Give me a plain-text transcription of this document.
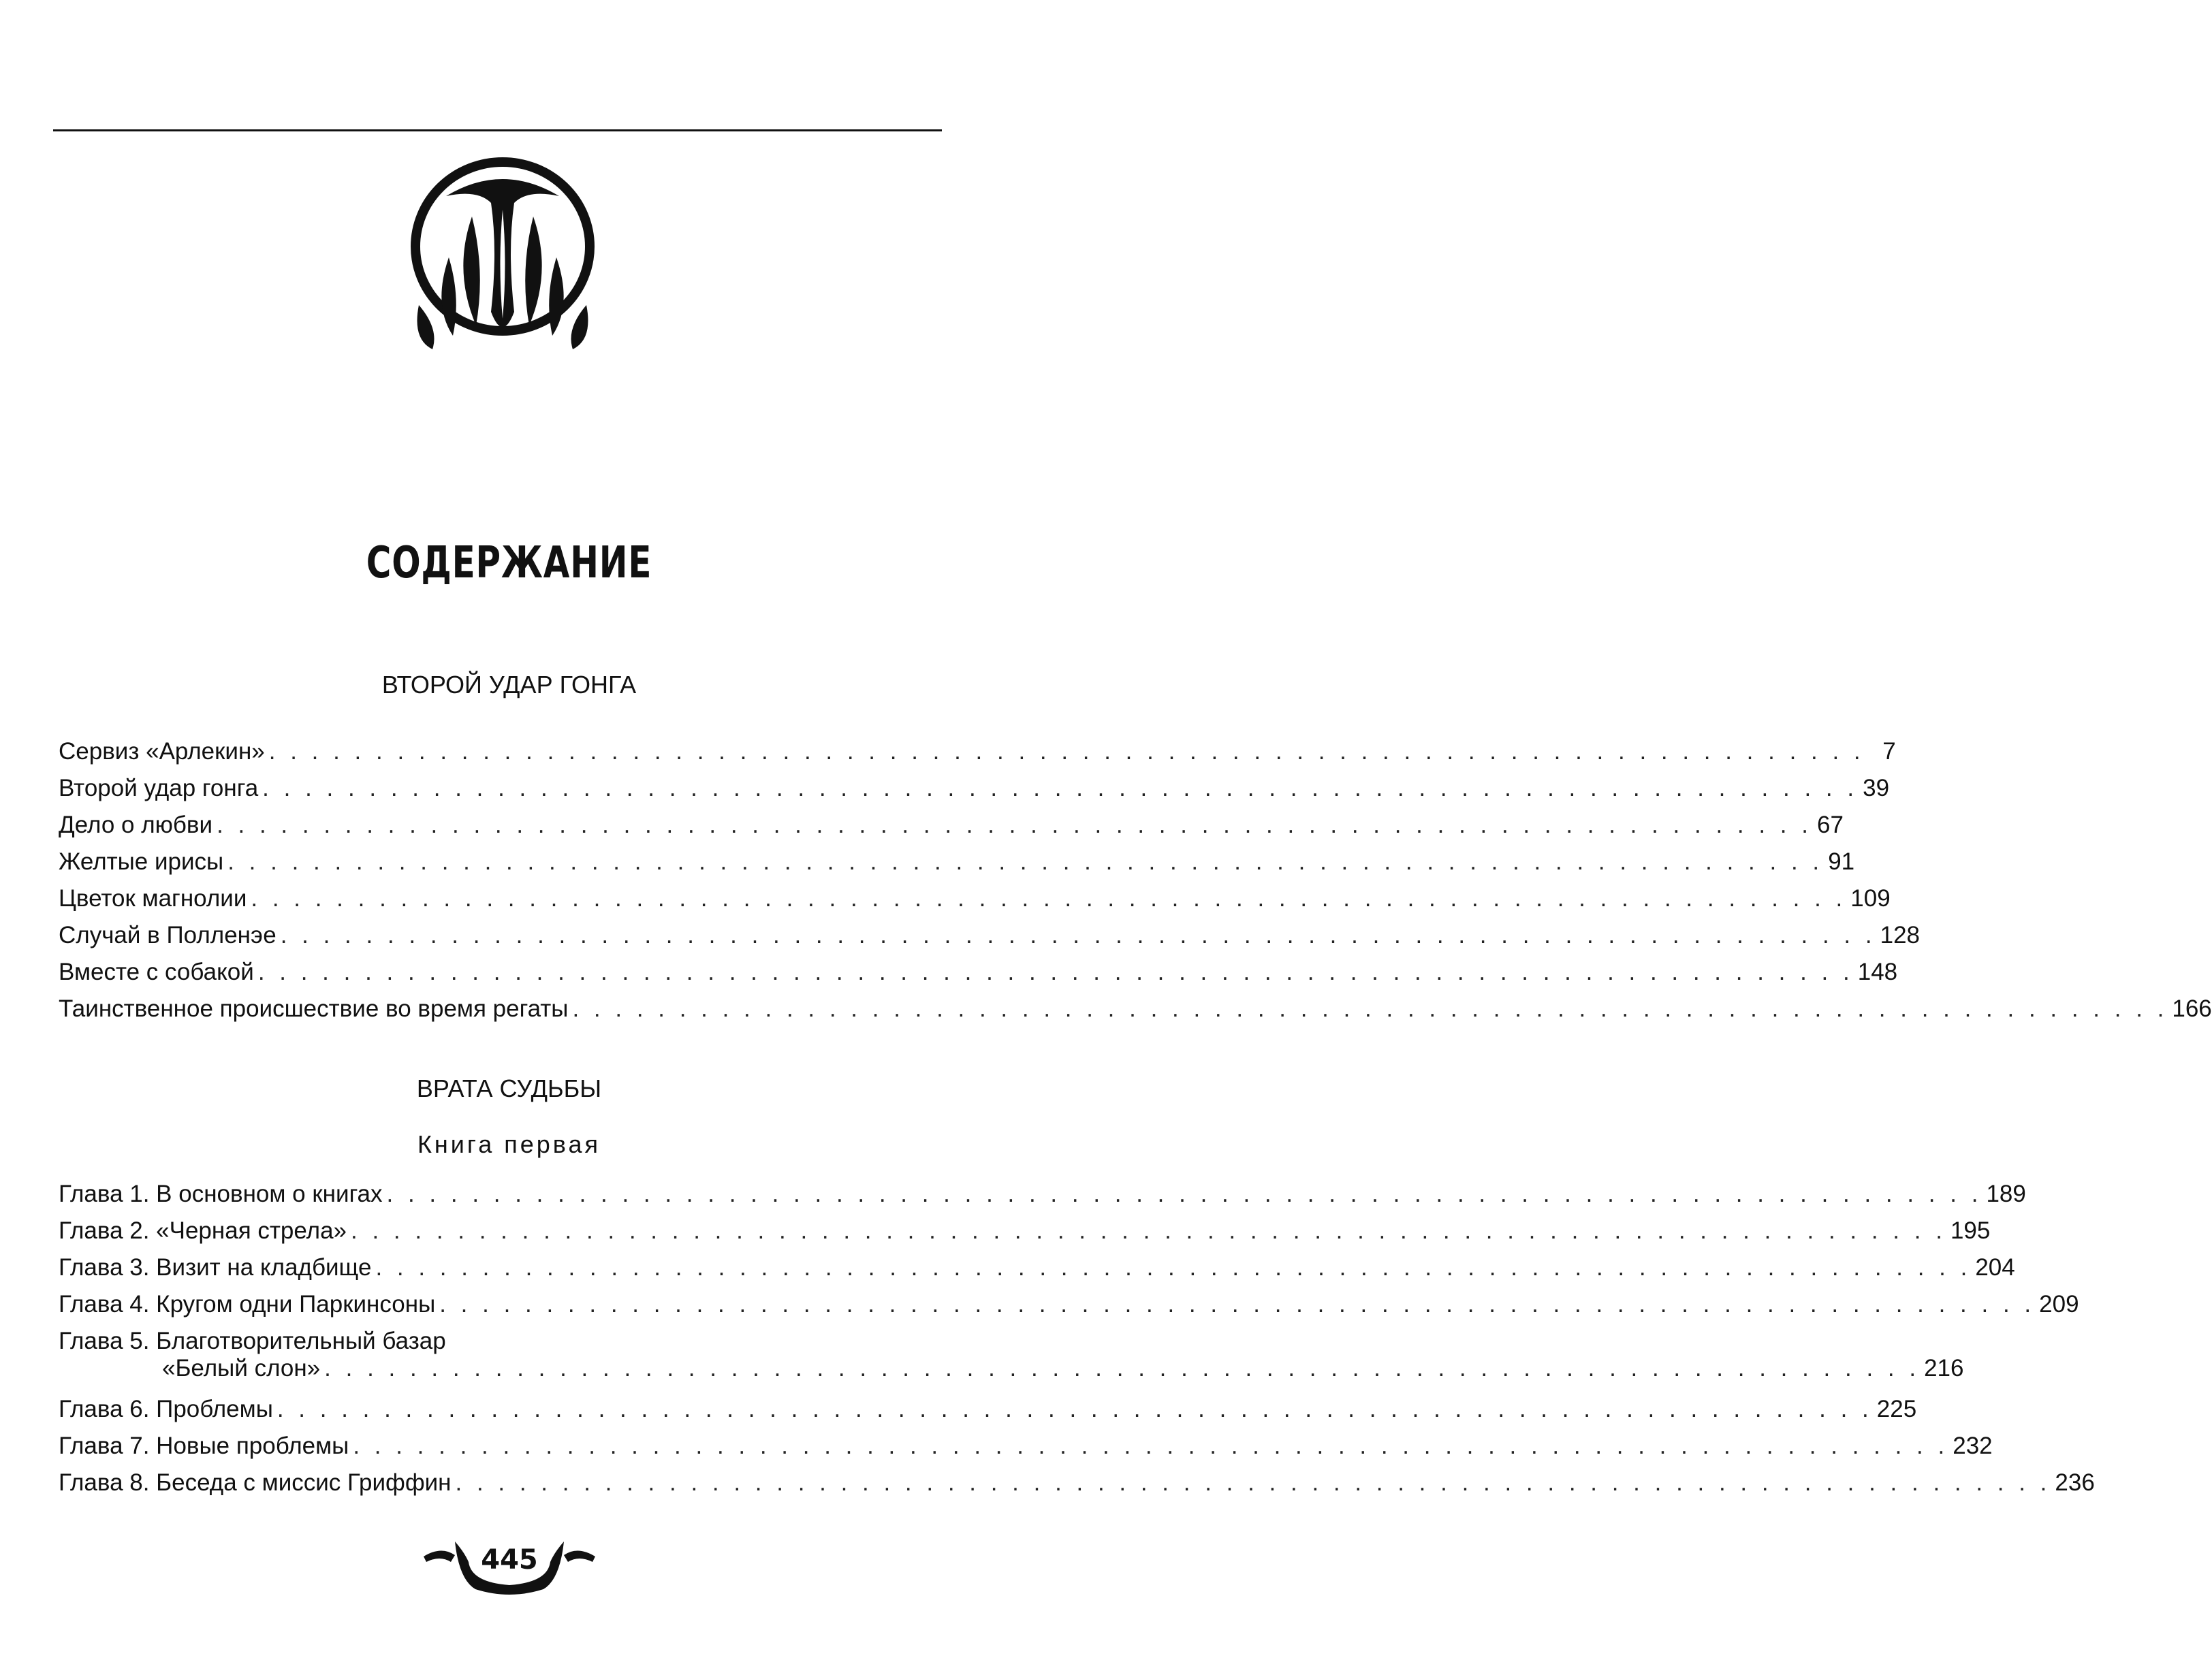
СОДЕРЖАНИЕ
ВТОРОЙ УДАР ГОНГА
Сервиз «Арлекин» . . . . . . . . . . . . . . . . . . . . . . . . . . . . . . . . . . . . . . . . . . . . . . . . . . . . . . . . . . . . . . . . . . . . . . . . . . . 7
Второй удар гонга . . . . . . . . . . . . . . . . . . . . . . . . . . . . . . . . . . . . . . . . . . . . . . . . . . . . . . . . . . . . . . . . . . . . . . . . . . . 39
Дело о любви . . . . . . . . . . . . . . . . . . . . . . . . . . . . . . . . . . . . . . . . . . . . . . . . . . . . . . . . . . . . . . . . . . . . . . . . . . . 67
Желтые ирисы . . . . . . . . . . . . . . . . . . . . . . . . . . . . . . . . . . . . . . . . . . . . . . . . . . . . . . . . . . . . . . . . . . . . . . . . . . . 91
Цветок магнолии . . . . . . . . . . . . . . . . . . . . . . . . . . . . . . . . . . . . . . . . . . . . . . . . . . . . . . . . . . . . . . . . . . . . . . . . . . . 109
Случай в Полленэе . . . . . . . . . . . . . . . . . . . . . . . . . . . . . . . . . . . . . . . . . . . . . . . . . . . . . . . . . . . . . . . . . . . . . . . . . . . 128
Вместе с собакой . . . . . . . . . . . . . . . . . . . . . . . . . . . . . . . . . . . . . . . . . . . . . . . . . . . . . . . . . . . . . . . . . . . . . . . . . . . 148
Таинственное происшествие во время регаты . . . . . . . . . . . . . . . . . . . . . . . . . . . . . . . . . . . . . . . . . . . . . . . . . . . . . . . . . . . . . . . . . . . . . . . . . . . 166
ВРАТА СУДЬБЫ
Книга первая
Глава 1. В основном о книгах . . . . . . . . . . . . . . . . . . . . . . . . . . . . . . . . . . . . . . . . . . . . . . . . . . . . . . . . . . . . . . . . . . . . . . . . . . . 189
Глава 2. «Черная стрела» . . . . . . . . . . . . . . . . . . . . . . . . . . . . . . . . . . . . . . . . . . . . . . . . . . . . . . . . . . . . . . . . . . . . . . . . . . . 195
Глава 3. Визит на кладбище . . . . . . . . . . . . . . . . . . . . . . . . . . . . . . . . . . . . . . . . . . . . . . . . . . . . . . . . . . . . . . . . . . . . . . . . . . . 204
Глава 4. Кругом одни Паркинсоны . . . . . . . . . . . . . . . . . . . . . . . . . . . . . . . . . . . . . . . . . . . . . . . . . . . . . . . . . . . . . . . . . . . . . . . . . . . 209
Глава 5. Благотворительный базар
«Белый слон» . . . . . . . . . . . . . . . . . . . . . . . . . . . . . . . . . . . . . . . . . . . . . . . . . . . . . . . . . . . . . . . . . . . . . . . . . . . 216
Глава 6. Проблемы . . . . . . . . . . . . . . . . . . . . . . . . . . . . . . . . . . . . . . . . . . . . . . . . . . . . . . . . . . . . . . . . . . . . . . . . . . . 225
Глава 7. Новые проблемы . . . . . . . . . . . . . . . . . . . . . . . . . . . . . . . . . . . . . . . . . . . . . . . . . . . . . . . . . . . . . . . . . . . . . . . . . . . 232
Глава 8. Беседа с миссис Гриффин . . . . . . . . . . . . . . . . . . . . . . . . . . . . . . . . . . . . . . . . . . . . . . . . . . . . . . . . . . . . . . . . . . . . . . . . . . . 236
445
